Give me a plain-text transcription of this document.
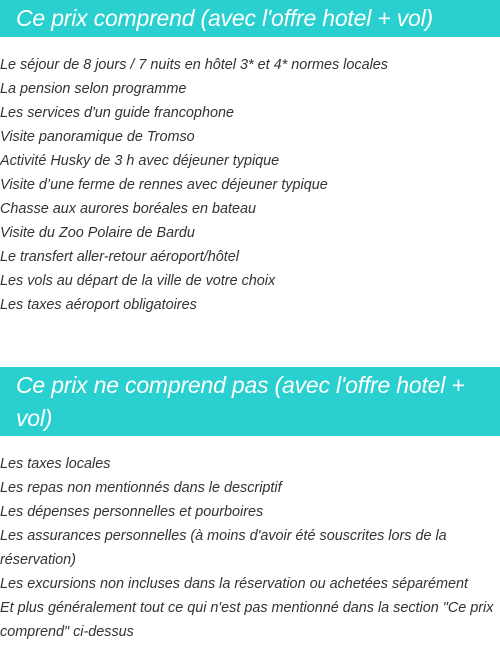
Ce prix comprend (avec l'offre hotel + vol)
Le séjour de 8 jours / 7 nuits en hôtel 3* et 4* normes locales
La pension selon programme
Les services d'un guide francophone
Visite panoramique de Tromso
Activité Husky de 3 h avec déjeuner typique
Visite d’une ferme de rennes avec déjeuner typique
Chasse aux aurores boréales en bateau
Visite du Zoo Polaire de Bardu
Le transfert aller-retour aéroport/hôtel
Les vols au départ de la ville de votre choix
Les taxes aéroport obligatoires
Ce prix ne comprend pas (avec l'offre hotel + vol)
Les taxes locales
Les repas non mentionnés dans le descriptif
Les dépenses personnelles et pourboires
Les assurances personnelles (à moins d'avoir été souscrites lors de la réservation)
Les excursions non incluses dans la réservation ou achetées séparément
Et plus généralement tout ce qui n'est pas mentionné dans la section "Ce prix comprend" ci-dessus
